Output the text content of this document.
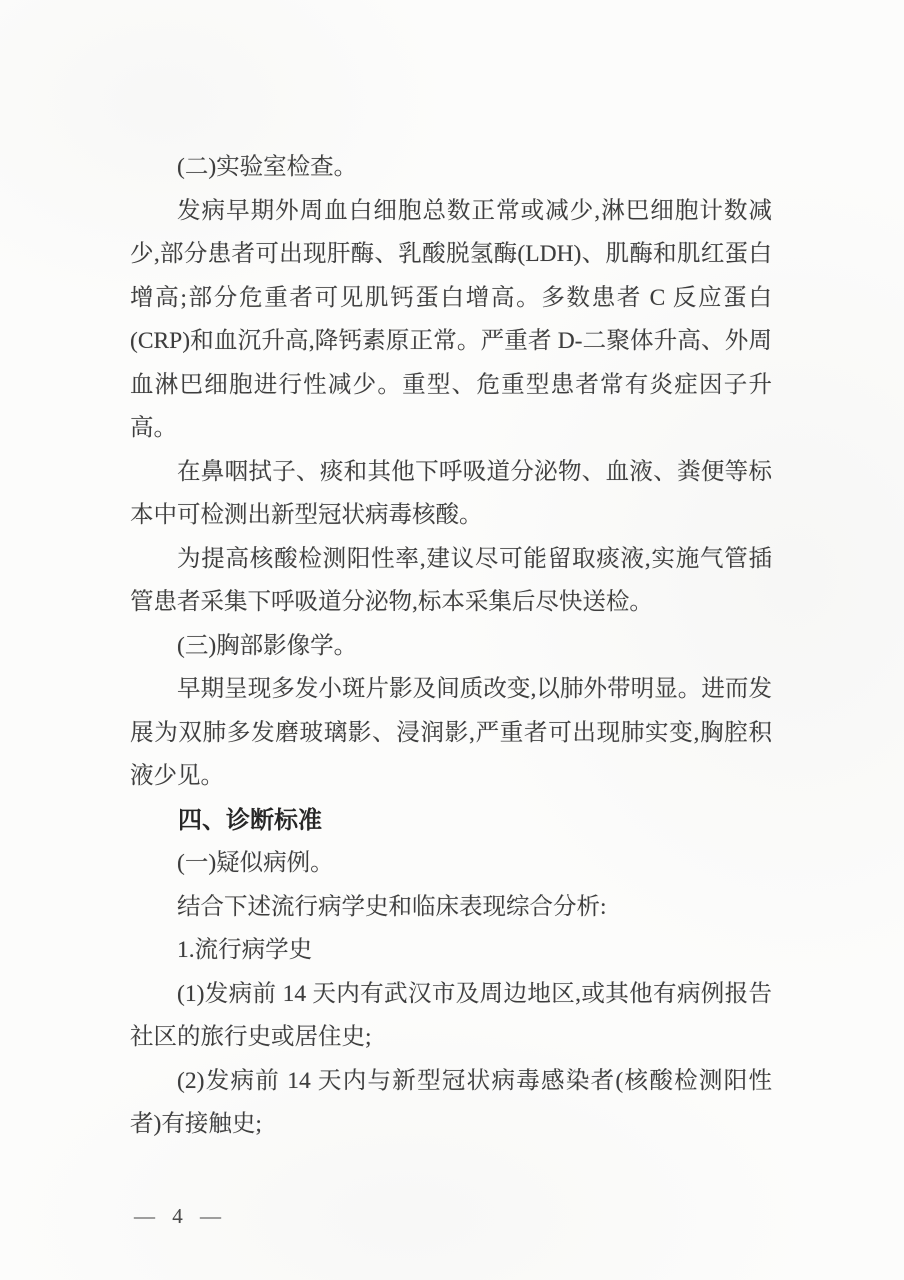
(二)实验室检查。

发病早期外周血白细胞总数正常或减少,淋巴细胞计数减少,部分患者可出现肝酶、乳酸脱氢酶(LDH)、肌酶和肌红蛋白增高;部分危重者可见肌钙蛋白增高。多数患者 C 反应蛋白(CRP)和血沉升高,降钙素原正常。严重者 D-二聚体升高、外周血淋巴细胞进行性减少。重型、危重型患者常有炎症因子升高。

在鼻咽拭子、痰和其他下呼吸道分泌物、血液、粪便等标本中可检测出新型冠状病毒核酸。

为提高核酸检测阳性率,建议尽可能留取痰液,实施气管插管患者采集下呼吸道分泌物,标本采集后尽快送检。

(三)胸部影像学。

早期呈现多发小斑片影及间质改变,以肺外带明显。进而发展为双肺多发磨玻璃影、浸润影,严重者可出现肺实变,胸腔积液少见。

四、诊断标准

(一)疑似病例。

结合下述流行病学史和临床表现综合分析:

1.流行病学史

(1)发病前 14 天内有武汉市及周边地区,或其他有病例报告社区的旅行史或居住史;

(2)发病前 14 天内与新型冠状病毒感染者(核酸检测阳性者)有接触史;

— 4 —
